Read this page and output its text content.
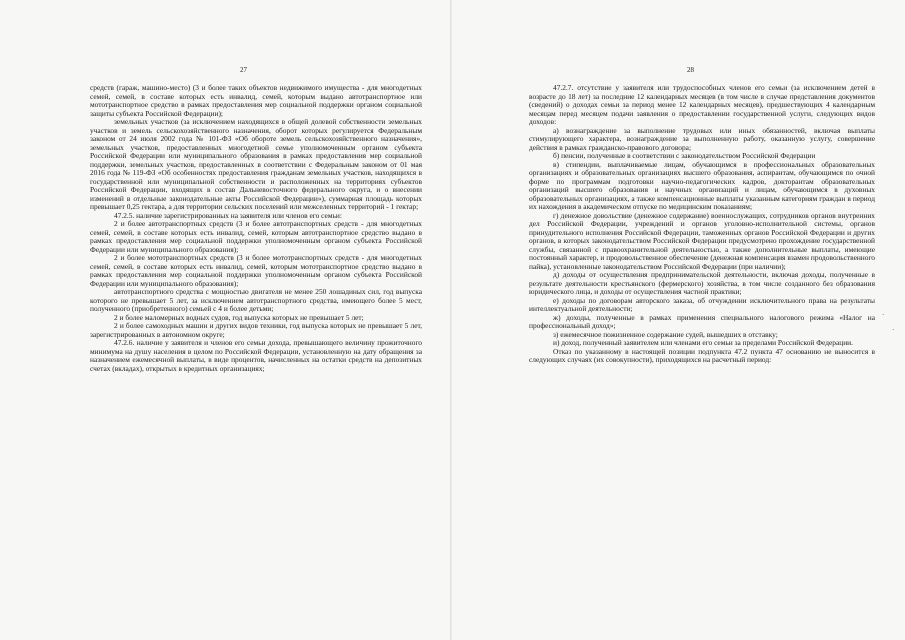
27

средств (гараж, машино-место) (3 и более таких объектов недвижимого имущества - для многодетных семей, семей, в составе которых есть инвалид, семей, которым выдано автотранспортное или мототранспортное средство в рамках предоставления мер социальной поддержки органом социальной защиты субъекта Российской Федерации);

земельных участков (за исключением находящихся в общей долевой собственности земельных участков и земель сельскохозяйственного назначения, оборот которых регулируется Федеральным законом от 24 июля 2002 года № 101-ФЗ «Об обороте земель сельскохозяйственного назначения», земельных участков, предоставленных многодетной семье уполномоченным органом субъекта Российской Федерации или муниципального образования в рамках предоставления мер социальной поддержки, земельных участков, предоставленных в соответствии с Федеральным законом от 01 мая 2016 года № 119-ФЗ «Об особенностях предоставления гражданам земельных участков, находящихся в государственной или муниципальной собственности и расположенных на территориях субъектов Российской Федерации, входящих в состав Дальневосточного федерального округа, и о внесении изменений в отдельные законодательные акты Российской Федерации»), суммарная площадь которых превышает 0,25 гектара, а для территории сельских поселений или межселенных территорий - 1 гектар;

47.2.5. наличие зарегистрированных на заявителя или членов его семьи:

2 и более автотранспортных средств (3 и более автотранспортных средств - для многодетных семей, семей, в составе которых есть инвалид, семей, которым автотранспортное средство выдано в рамках предоставления мер социальной поддержки уполномоченным органом субъекта Российской Федерации или муниципального образования);

2 и более мототранспортных средств (3 и более мототранспортных средств - для многодетных семей, семей, в составе которых есть инвалид, семей, которым мототранспортное средство выдано в рамках предоставления мер социальной поддержки уполномоченным органом субъекта Российской Федерации или муниципального образования);

автотранспортного средства с мощностью двигателя не менее 250 лошадиных сил, год выпуска которого не превышает 5 лет, за исключением автотранспортного средства, имеющего более 5 мест, полученного (приобретенного) семьей с 4 и более детьми;

2 и более маломерных водных судов, год выпуска которых не превышает 5 лет;

2 и более самоходных машин и других видов техники, год выпуска которых не превышает 5 лет, зарегистрированных в автономном округе;

47.2.6. наличие у заявителя и членов его семьи дохода, превышающего величину прожиточного минимума на душу населения в целом по Российской Федерации, установленную на дату обращения за назначением ежемесячной выплаты, в виде процентов, начисленных на остатки средств на депозитных счетах (вкладах), открытых в кредитных организациях;

28

47.2.7. отсутствие у заявителя или трудоспособных членов его семьи (за исключением детей в возрасте до 18 лет) за последние 12 календарных месяцев (в том числе в случае представления документов (сведений) о доходах семьи за период менее 12 календарных месяцев), предшествующих 4 календарным месяцам перед месяцем подачи заявления о предоставлении государственной услуги, следующих видов доходов:

а) вознаграждение за выполнение трудовых или иных обязанностей, включая выплаты стимулирующего характера, вознаграждение за выполненную работу, оказанную услугу, совершение действия в рамках гражданско-правового договора;

б) пенсии, полученные в соответствии с законодательством Российской Федерации

в) стипендии, выплачиваемые лицам, обучающимся в профессиональных образовательных организациях и образовательных организациях высшего образования, аспирантам, обучающимся по очной форме по программам подготовки научно-педагогических кадров, докторантам образовательных организаций высшего образования и научных организаций и лицам, обучающимся в духовных образовательных организациях, а также компенсационные выплаты указанным категориям граждан в период их нахождения в академическом отпуске по медицинским показаниям;

г) денежное довольствие (денежное содержание) военнослужащих, сотрудников органов внутренних дел Российской Федерации, учреждений и органов уголовно-исполнительной системы, органов принудительного исполнения Российской Федерации, таможенных органов Российской Федерации и других органов, в которых законодательством Российской Федерации предусмотрено прохождение государственной службы, связанной с правоохранительной деятельностью, а также дополнительные выплаты, имеющие постоянный характер, и продовольственное обеспечение (денежная компенсация взамен продовольственного пайка), установленные законодательством Российской Федерации (при наличии);

д) доходы от осуществления предпринимательской деятельности, включая доходы, полученные в результате деятельности крестьянского (фермерского) хозяйства, в том числе созданного без образования юридического лица, и доходы от осуществления частной практики;

е) доходы по договорам авторского заказа, об отчуждении исключительного права на результаты интеллектуальной деятельности;

ж) доходы, полученные в рамках применения специального налогового режима «Налог на профессиональный доход»;

з) ежемесячное пожизненное содержание судей, вышедших в отставку;

и) доход, полученный заявителем или членами его семьи за пределами Российской Федерации.

Отказ по указанному в настоящей позиции подпункта 47.2 пункта 47 основанию не выносится в следующих случаях (их совокупности), приходящихся на расчетный период:

·
·
